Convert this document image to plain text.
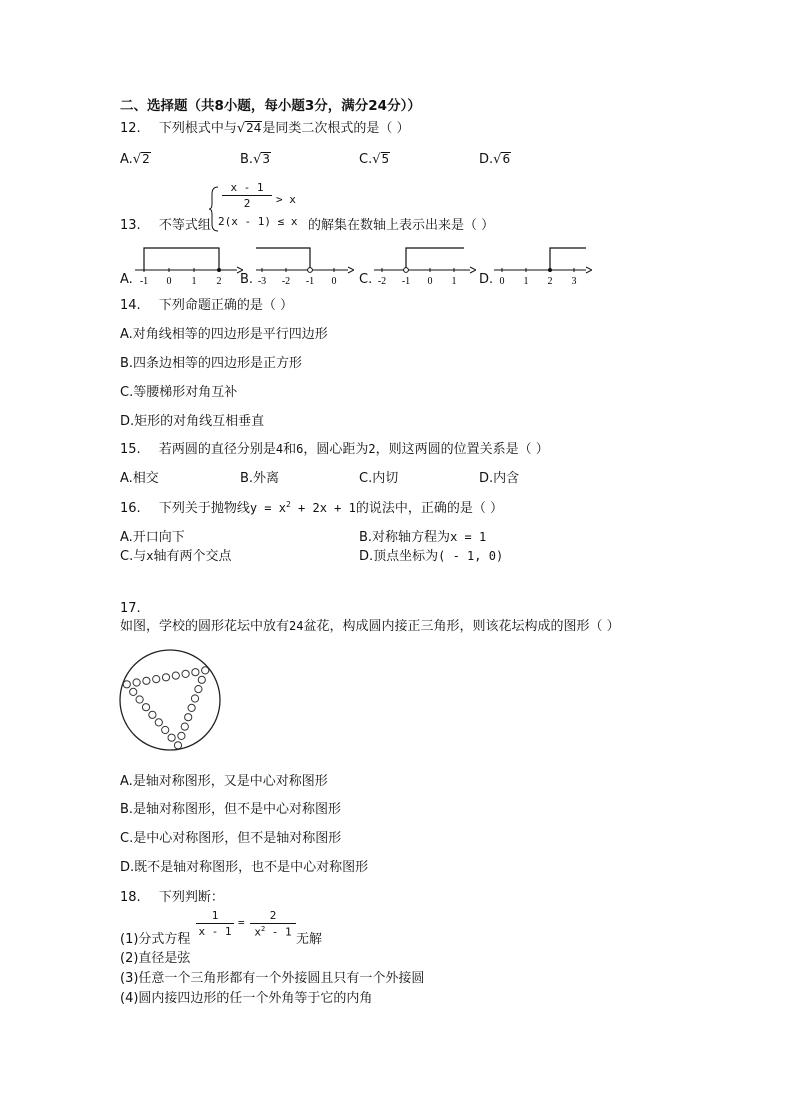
二、选择题（共8小题，每小题3分，满分24分））
12. 下列根式中与√24是同类二次根式的是（ ）
A.√2	B.√3	C.√5	D.√6
13. 不等式组
x - 1
2	> x
2(x - 1) ≤ x 的解集在数轴上表示出来是（ ）
A. -1 0 1 2 B. -3 -2 -1 0 C. -2 -1 0 1 D. 0 1 2 3
14. 下列命题正确的是（ ）
A.对角线相等的四边形是平行四边形
B.四条边相等的四边形是正方形
C.等腰梯形对角互补
D.矩形的对角线互相垂直
15. 若两圆的直径分别是4和6，圆心距为2，则这两圆的位置关系是（ ）
A.相交	B.外离	C.内切	D.内含
16. 下列关于抛物线$y = x^2 + 2x + 1$的说法中，正确的是（ ）
A.开口向下	B.对称轴方程为x = 1
C.与x轴有两个交点	D.顶点坐标为( - 1, 0)
17.
如图，学校的圆形花坛中放有24盆花，构成圆内接正三角形，则该花坛构成的图形（ ）
A.是轴对称图形，又是中心对称图形
B.是轴对称图形，但不是中心对称图形
C.是中心对称图形，但不是轴对称图形
D.既不是轴对称图形，也不是中心对称图形
18. 下列判断：
(1)分式方程
1
x - 1
=
2
$x^2 - 1$ 无解
(2)直径是弦
(3)任意一个三角形都有一个外接圆且只有一个外接圆
(4)圆内接四边形的任一个外角等于它的内角
